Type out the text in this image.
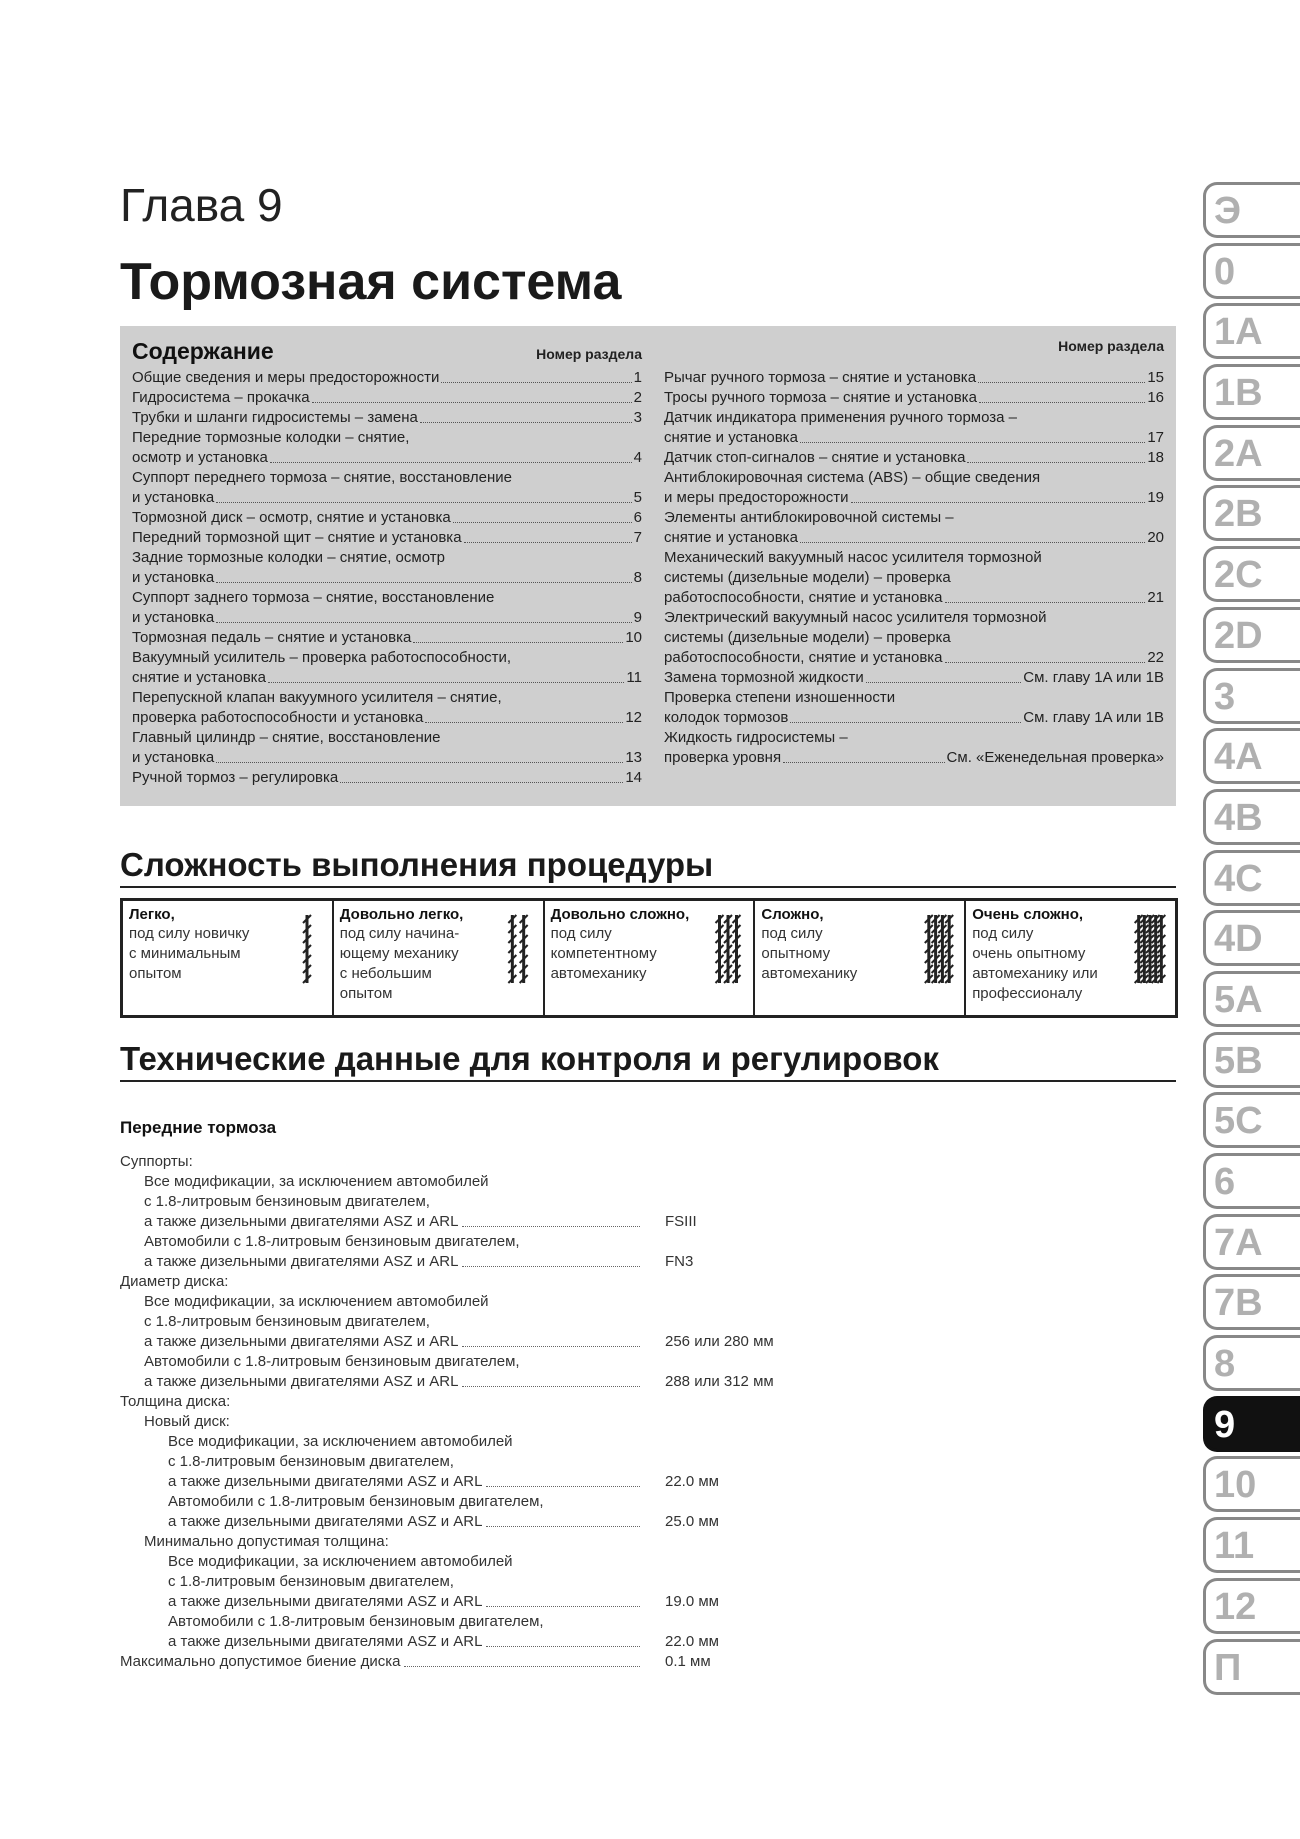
Глава 9
Тормозная система
Содержание	Номер раздела
Общие сведения и меры предосторожности	1
Гидросистема – прокачка	2
Трубки и шланги гидросистемы – замена	3
Передние тормозные колодки – снятие,
осмотр и установка	4
Суппорт переднего тормоза – снятие, восстановление
и установка	5
Тормозной диск – осмотр, снятие и установка	6
Передний тормозной щит – снятие и установка	7
Задние тормозные колодки – снятие, осмотр
и установка	8
Суппорт заднего тормоза – снятие, восстановление
и установка	9
Тормозная педаль – снятие и установка	10
Вакуумный усилитель – проверка работоспособности,
снятие и установка	11
Перепускной клапан вакуумного усилителя – снятие,
проверка работоспособности и установка	12
Главный цилиндр – снятие, восстановление
и установка	13
Ручной тормоз – регулировка	14
Номер раздела
Рычаг ручного тормоза – снятие и установка	15
Тросы ручного тормоза – снятие и установка	16
Датчик индикатора применения ручного тормоза –
снятие и установка	17
Датчик стоп-сигналов – снятие и установка	18
Антиблокировочная система (ABS) – общие сведения
и меры предосторожности	19
Элементы антиблокировочной системы –
снятие и установка	20
Механический вакуумный насос усилителя тормозной
системы (дизельные модели) – проверка
работоспособности, снятие и установка	21
Электрический вакуумный насос усилителя тормозной
системы (дизельные модели) – проверка
работоспособности, снятие и установка	22
Замена тормозной жидкости	См. главу 1A или 1B
Проверка степени изношенности
колодок тормозов	См. главу 1A или 1B
Жидкость гидросистемы –
проверка уровня	См. «Еженедельная проверка»
Сложность выполнения процедуры
Легко,
под силу новичку
с минимальным
опытом
Довольно легко,
под силу начина-
ющему механику
с небольшим
опытом
Довольно сложно,
под силу
компетентному
автомеханику
Сложно,
под силу
опытному
автомеханику
Очень сложно,
под силу
очень опытному
автомеханику или
профессионалу
Технические данные для контроля и регулировок
Передние тормоза
Суппорты:
Все модификации, за исключением автомобилей
с 1.8-литровым бензиновым двигателем,
а также дизельными двигателями ASZ и ARL	FSIII
Автомобили с 1.8-литровым бензиновым двигателем,
а также дизельными двигателями ASZ и ARL	FN3
Диаметр диска:
Все модификации, за исключением автомобилей
с 1.8-литровым бензиновым двигателем,
а также дизельными двигателями ASZ и ARL	256 или 280 мм
Автомобили с 1.8-литровым бензиновым двигателем,
а также дизельными двигателями ASZ и ARL	288 или 312 мм
Толщина диска:
Новый диск:
Все модификации, за исключением автомобилей
с 1.8-литровым бензиновым двигателем,
а также дизельными двигателями ASZ и ARL	22.0 мм
Автомобили с 1.8-литровым бензиновым двигателем,
а также дизельными двигателями ASZ и ARL	25.0 мм
Минимально допустимая толщина:
Все модификации, за исключением автомобилей
с 1.8-литровым бензиновым двигателем,
а также дизельными двигателями ASZ и ARL	19.0 мм
Автомобили с 1.8-литровым бензиновым двигателем,
а также дизельными двигателями ASZ и ARL	22.0 мм
Максимально допустимое биение диска	0.1 мм
Э
0
1A
1B
2A
2B
2C
2D
3
4A
4B
4C
4D
5A
5B
5C
6
7A
7B
8
9
10
11
12
П
